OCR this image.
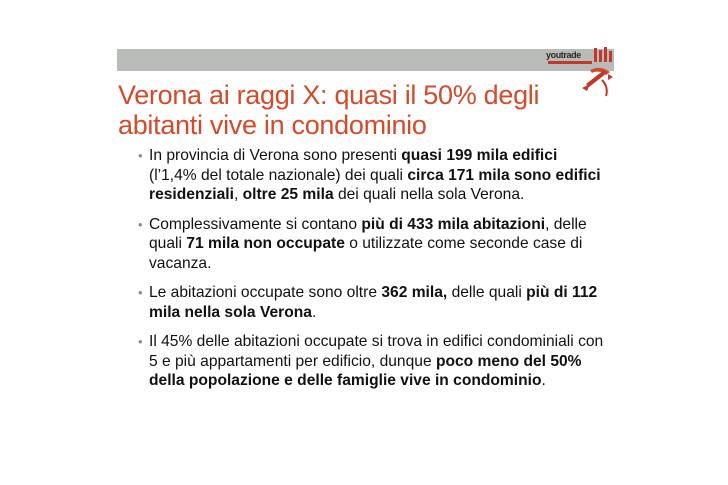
youtrade
Verona ai raggi X: quasi il 50% degli abitanti vive in condominio
• In provincia di Verona sono presenti quasi 199 mila edifici (l’1,4% del totale nazionale) dei quali circa 171 mila sono edifici residenziali, oltre 25 mila dei quali nella sola Verona.
• Complessivamente si contano più di 433 mila abitazioni, delle quali 71 mila non occupate o utilizzate come seconde case di vacanza.
• Le abitazioni occupate sono oltre 362 mila, delle quali più di 112 mila nella sola Verona.
• Il 45% delle abitazioni occupate si trova in edifici condominiali con 5 e più appartamenti per edificio, dunque poco meno del 50% della popolazione e delle famiglie vive in condominio.
